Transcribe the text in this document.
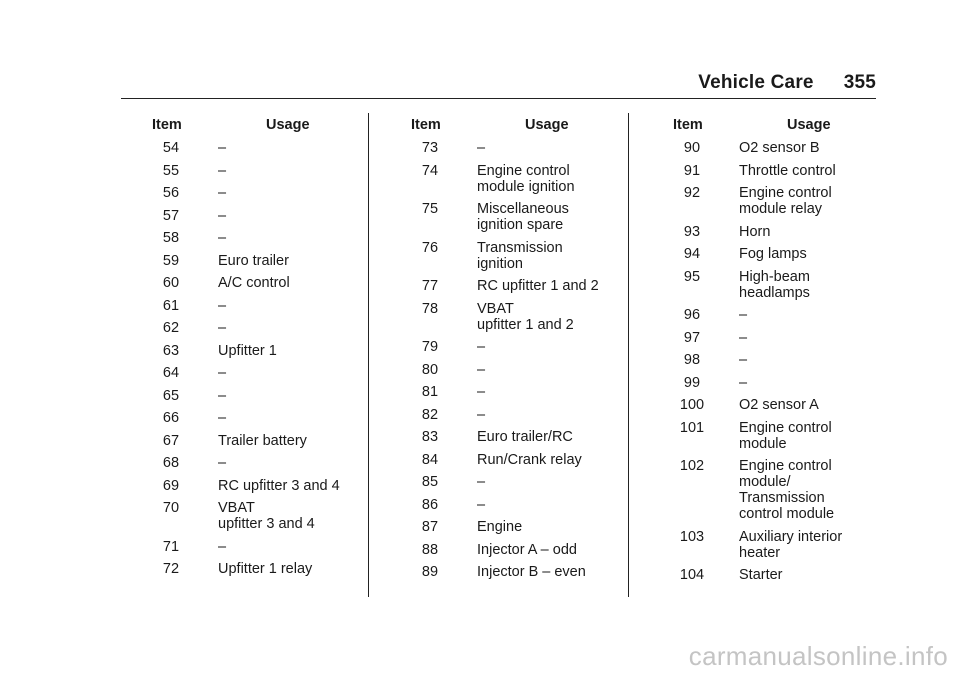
Vehicle Care 355
Item	Usage
54	–
55	–
56	–
57	–
58	–
59	Euro trailer
60	A/C control
61	–
62	–
63	Upfitter 1
64	–
65	–
66	–
67	Trailer battery
68	–
69	RC upfitter 3 and 4
70	VBAT
upfitter 3 and 4
71	–
72	Upfitter 1 relay
Item	Usage
73	–
74	Engine control
module ignition
75	Miscellaneous
ignition spare
76	Transmission
ignition
77	RC upfitter 1 and 2
78	VBAT
upfitter 1 and 2
79	–
80	–
81	–
82	–
83	Euro trailer/RC
84	Run/Crank relay
85	–
86	–
87	Engine
88	Injector A – odd
89	Injector B – even
Item	Usage
90	O2 sensor B
91	Throttle control
92	Engine control
module relay
93	Horn
94	Fog lamps
95	High-beam
headlamps
96	–
97	–
98	–
99	–
100	O2 sensor A
101	Engine control
module
102	Engine control
module/
Transmission
control module
103	Auxiliary interior
heater
104	Starter
carmanualsonline.info
